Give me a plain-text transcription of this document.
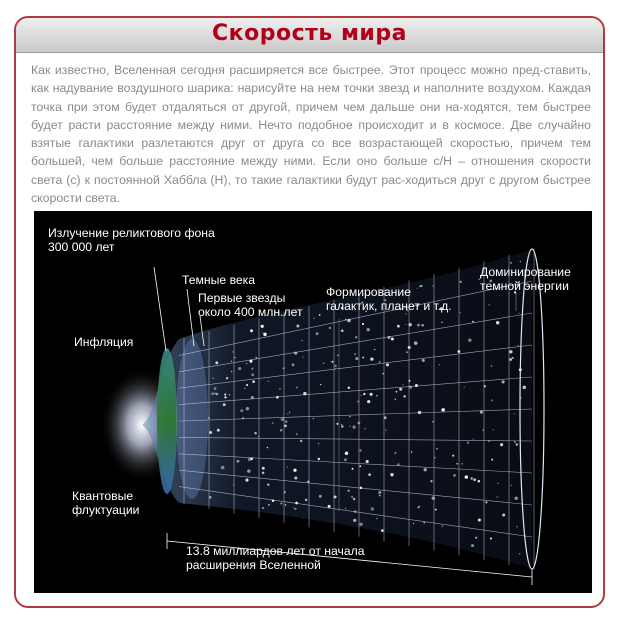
Скорость мира
Как известно, Вселенная сегодня расширяется все быстрее. Этот процесс можно пред-ставить, как надувание воздушного шарика: нарисуйте на нем точки звезд и наполните воздухом. Каждая точка при этом будет отдаляться от другой, причем чем дальше они на-ходятся, тем быстрее будет расти расстояние между ними. Нечто подобное происходит и в космосе. Две случайно взятые галактики разлетаются друг от друга со все возрастающей скоростью, причем тем большей, чем больше расстояние между ними. Если оно больше c/H – отношения скорости света (с) к постоянной Хаббла (H), то такие галактики будут рас-ходиться друг с другом быстрее скорости света.
Излучение реликтового фона
300 000 лет
Темные века
Первые звезды
около 400 млн.лет
Формирование
галактик, планет и т.д.
Доминирование
темной энергии
Инфляция
Квантовые
флуктуации
13.8 миллиардов лет от начала
расширения Вселенной
